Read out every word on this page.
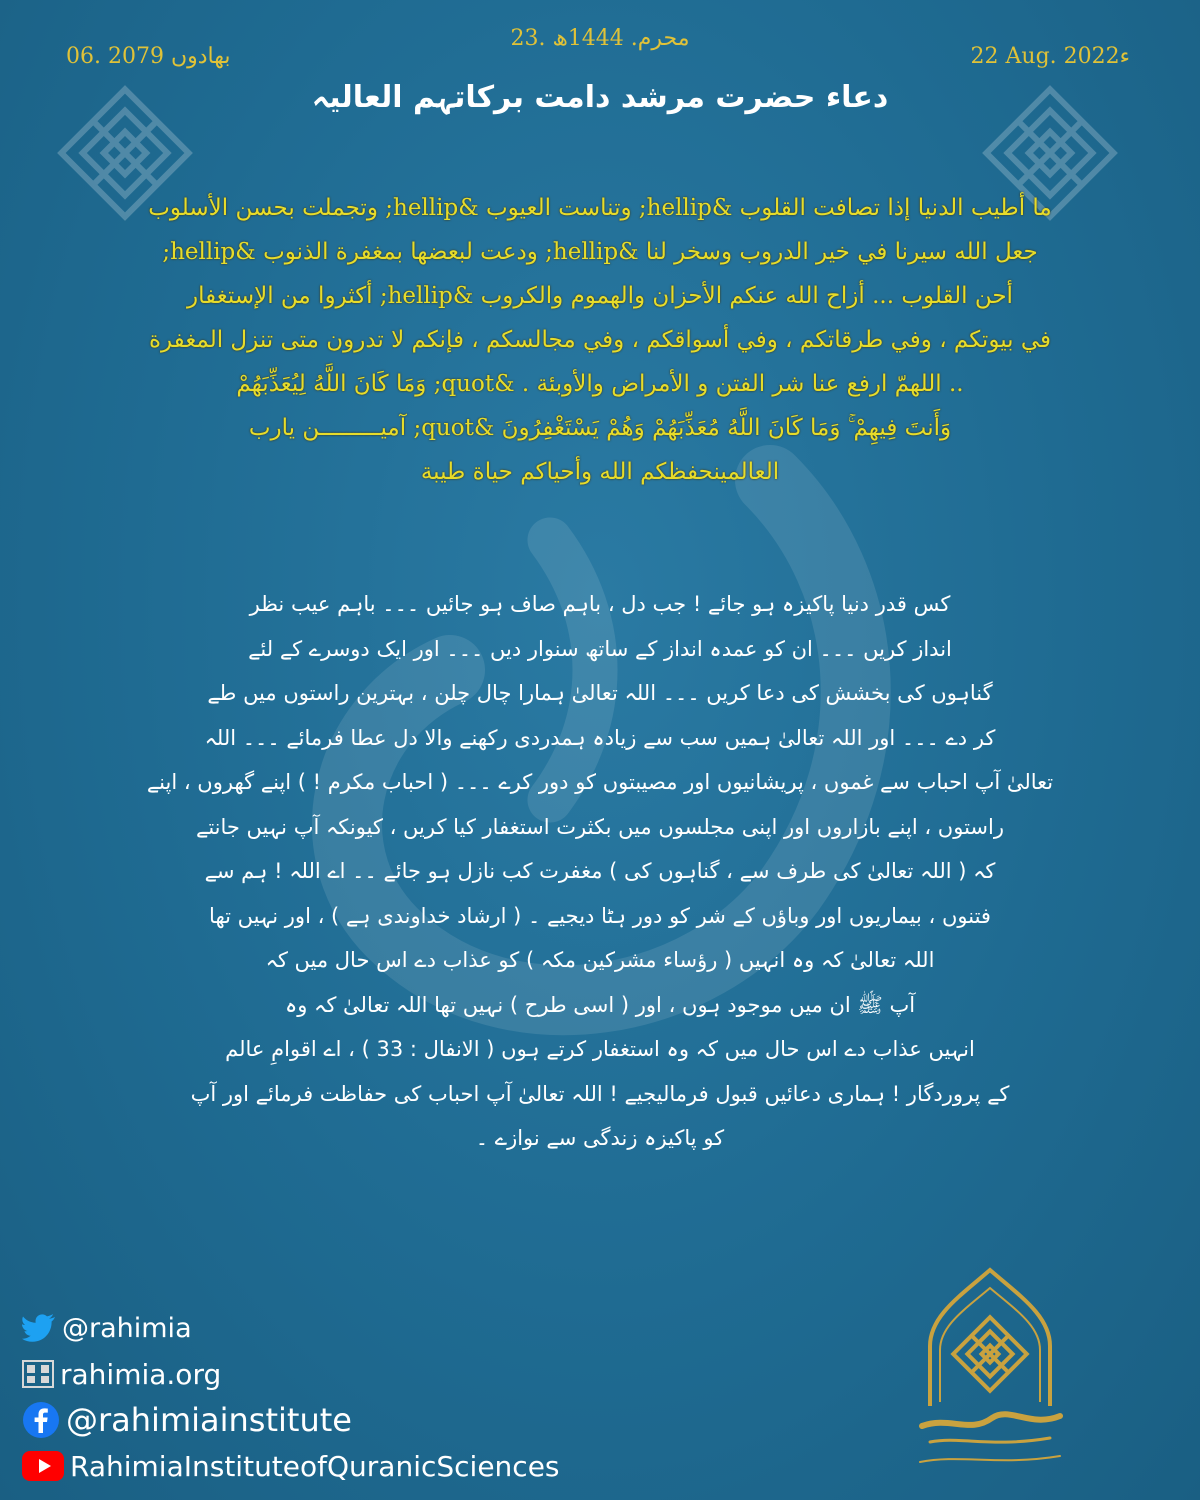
23. محرم. 1444ھ
06. بھادوں 2079	22 Aug. 2022ء
دعاء حضرت مرشد دامت برکاتہم العالیہ

ما أطيب الدنيا إذا تصافت القلوب &hellip; وتناست العيوب &hellip; وتجملت بحسن الأسلوب

جعل الله سيرنا في خير الدروب وسخر لنا &hellip; ودعت لبعضها بمغفرة الذنوب &hellip;

أحن القلوب ... أزاح الله عنكم الأحزان والهموم والكروب &hellip; أكثروا من الإستغفار

في بيوتكم ، وفي طرقاتكم ، وفي أسواقكم ، وفي مجالسكم ، فإنكم لا تدرون متى تنزل المغفرة

.. اللهمّ ارفع عنا شر الفتن و الأمراض والأوبئة . &quot; وَمَا كَانَ اللَّهُ لِيُعَذِّبَهُمْ

وَأَنتَ فِيهِمْ ۚ وَمَا كَانَ اللَّهُ مُعَذِّبَهُمْ وَهُمْ يَسْتَغْفِرُونَ &quot; آميـــــــــن يارب

العالمينحفظكم الله وأحياكم حياة طيبة

کس قدر دنیا پاکیزہ ہو جائے ! جب دل ، باہم صاف ہو جائیں ۔۔۔ باہم عیب نظر

انداز کریں ۔۔۔ ان کو عمدہ انداز کے ساتھ سنوار دیں ۔۔۔ اور ایک دوسرے کے لئے

گناہوں کی بخشش کی دعا کریں ۔۔۔ اللہ تعالیٰ ہمارا چال چلن ، بہترین راستوں میں طے

کر دے ۔۔۔ اور اللہ تعالیٰ ہمیں سب سے زیادہ ہمدردی رکھنے والا دل عطا فرمائے ۔۔۔ اللہ

تعالیٰ آپ احباب سے غموں ، پریشانیوں اور مصیبتوں کو دور کرے ۔۔۔ ( احباب مکرم ! ) اپنے گھروں ، اپنے

راستوں ، اپنے بازاروں اور اپنی مجلسوں میں بکثرت استغفار کیا کریں ، کیونکہ آپ نہیں جانتے

کہ ( اللہ تعالیٰ کی طرف سے ، گناہوں کی ) مغفرت کب نازل ہو جائے ۔۔ اے اللہ ! ہم سے

فتنوں ، بیماریوں اور وباؤں کے شر کو دور ہٹا دیجیے ۔ ( ارشاد خداوندی ہے ) ، اور نہیں تھا

اللہ تعالیٰ کہ وہ انہیں ( رؤساء مشرکین مکہ ) کو عذاب دے اس حال میں کہ

آپ ﷺ ان میں موجود ہوں ، اور ( اسی طرح ) نہیں تھا اللہ تعالیٰ کہ وہ

انہیں عذاب دے اس حال میں کہ وہ استغفار کرتے ہوں ( الانفال : 33 ) ، اے اقوامِ عالم

کے پروردگار ! ہماری دعائیں قبول فرمالیجیے ! اللہ تعالیٰ آپ احباب کی حفاظت فرمائے اور آپ

کو پاکیزہ زندگی سے نوازے ۔

@rahimia
rahimia.org
@rahimiainstitute
RahimiaInstituteofQuranicSciences
